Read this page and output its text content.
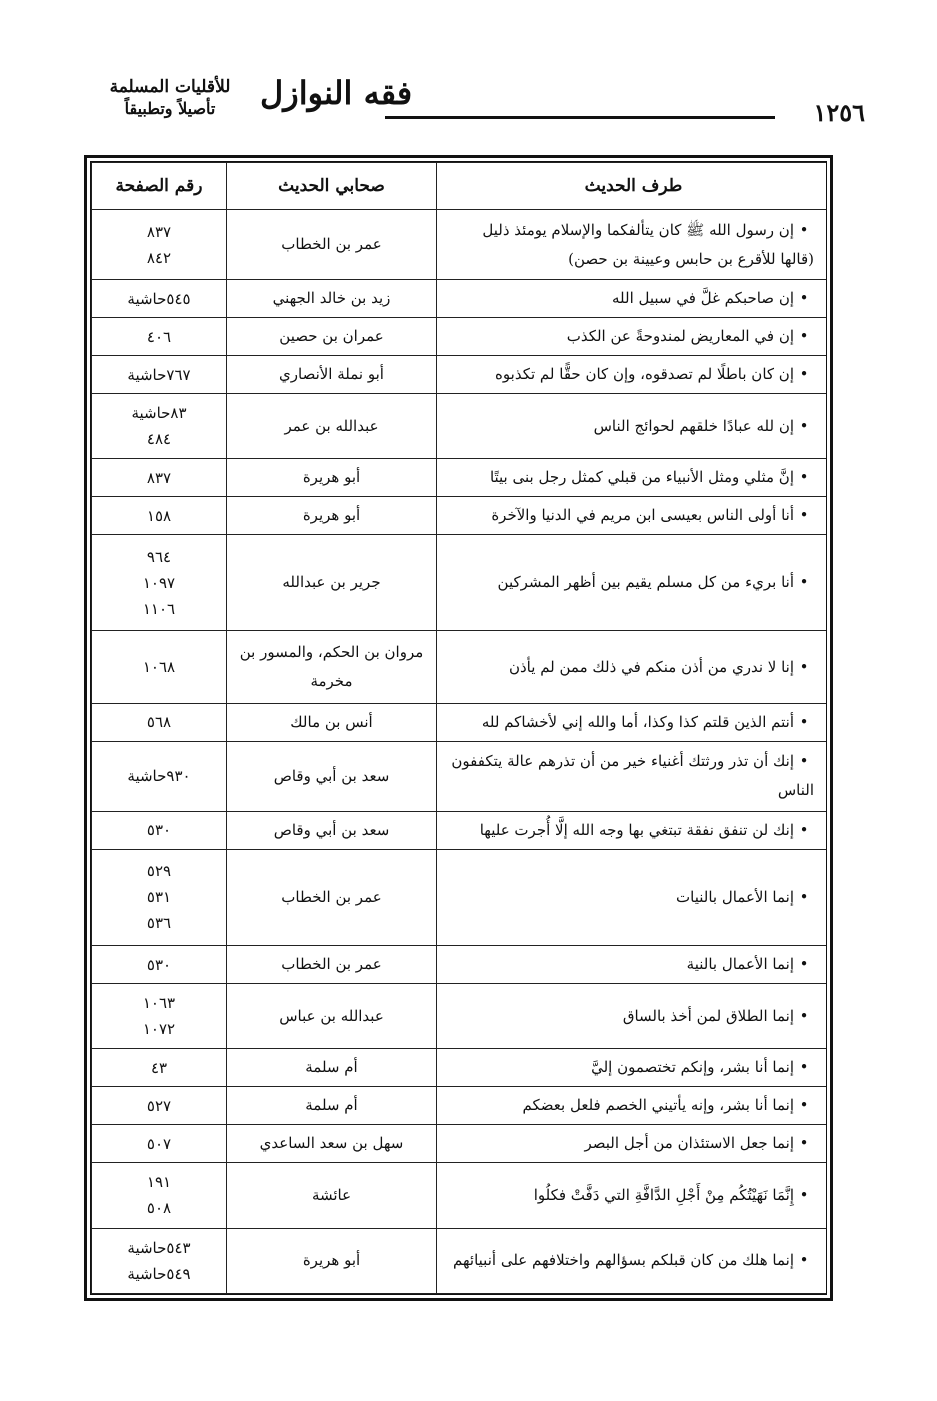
١٢٥٦
فقه النوازل
للأقليات المسلمة
تأصيلاً وتطبيقاً
طرف الحديث	صحابي الحديث	رقم الصفحة
•إن رسول الله ﷺ كان يتألفكما والإسلام يومئذ ذليل (قالها للأقرع بن حابس وعيينة بن حصن)	عمر بن الخطاب	٨٣٧
٨٤٢

•إن صاحبكم غلَّ في سبيل الله	زيد بن خالد الجهني	٥٤٥حاشية

•إن في المعاريض لمندوحةً عن الكذب	عمران بن حصين	٤٠٦

•إن كان باطلًا لم تصدقوه، وإن كان حقًّا لم تكذبوه	أبو نملة الأنصاري	٧٦٧حاشية

•إن لله عبادًا خلقهم لحوائج الناس	عبدالله بن عمر	٨٣حاشية
٤٨٤

•إنَّ مثلي ومثل الأنبياء من قبلي كمثل رجل بنى بيتًا	أبو هريرة	٨٣٧

•أنا أولى الناس بعيسى ابن مريم في الدنيا والآخرة	أبو هريرة	١٥٨

•أنا بريء من كل مسلم يقيم بين أظهر المشركين	جرير بن عبدالله	٩٦٤
١٠٩٧
١١٠٦

•إنا لا ندري من أذن منكم في ذلك ممن لم يأذن	مروان بن الحكم، والمسور بن مخرمة	١٠٦٨

•أنتم الذين قلتم كذا وكذا، أما والله إني لأخشاكم لله	أنس بن مالك	٥٦٨

•إنك أن تذر ورثتك أغنياء خير من أن تذرهم عالة يتكففون الناس	سعد بن أبي وقاص	٩٣٠حاشية

•إنك لن تنفق نفقة تبتغي بها وجه الله إلَّا أُجرت عليها	سعد بن أبي وقاص	٥٣٠

•إنما الأعمال بالنيات	عمر بن الخطاب	٥٢٩
٥٣١
٥٣٦

•إنما الأعمال بالنية	عمر بن الخطاب	٥٣٠

•إنما الطلاق لمن أخذ بالساق	عبدالله بن عباس	١٠٦٣
١٠٧٢

•إنما أنا بشر، وإنكم تختصمون إليَّ	أم سلمة	٤٣

•إنما أنا بشر، وإنه يأتيني الخصم فلعل بعضكم	أم سلمة	٥٢٧

•إنما جعل الاستئذان من أجل البصر	سهل بن سعد الساعدي	٥٠٧

•إِنَّمَا نَهَيْتُكُم مِنْ أَجْلِ الدَّافَّةِ التي دَفَّتْ فكلُوا	عائشة	١٩١
٥٠٨

•إنما هلك من كان قبلكم بسؤالهم واختلافهم على أنبيائهم	أبو هريرة	٥٤٣حاشية
٥٤٩حاشية
